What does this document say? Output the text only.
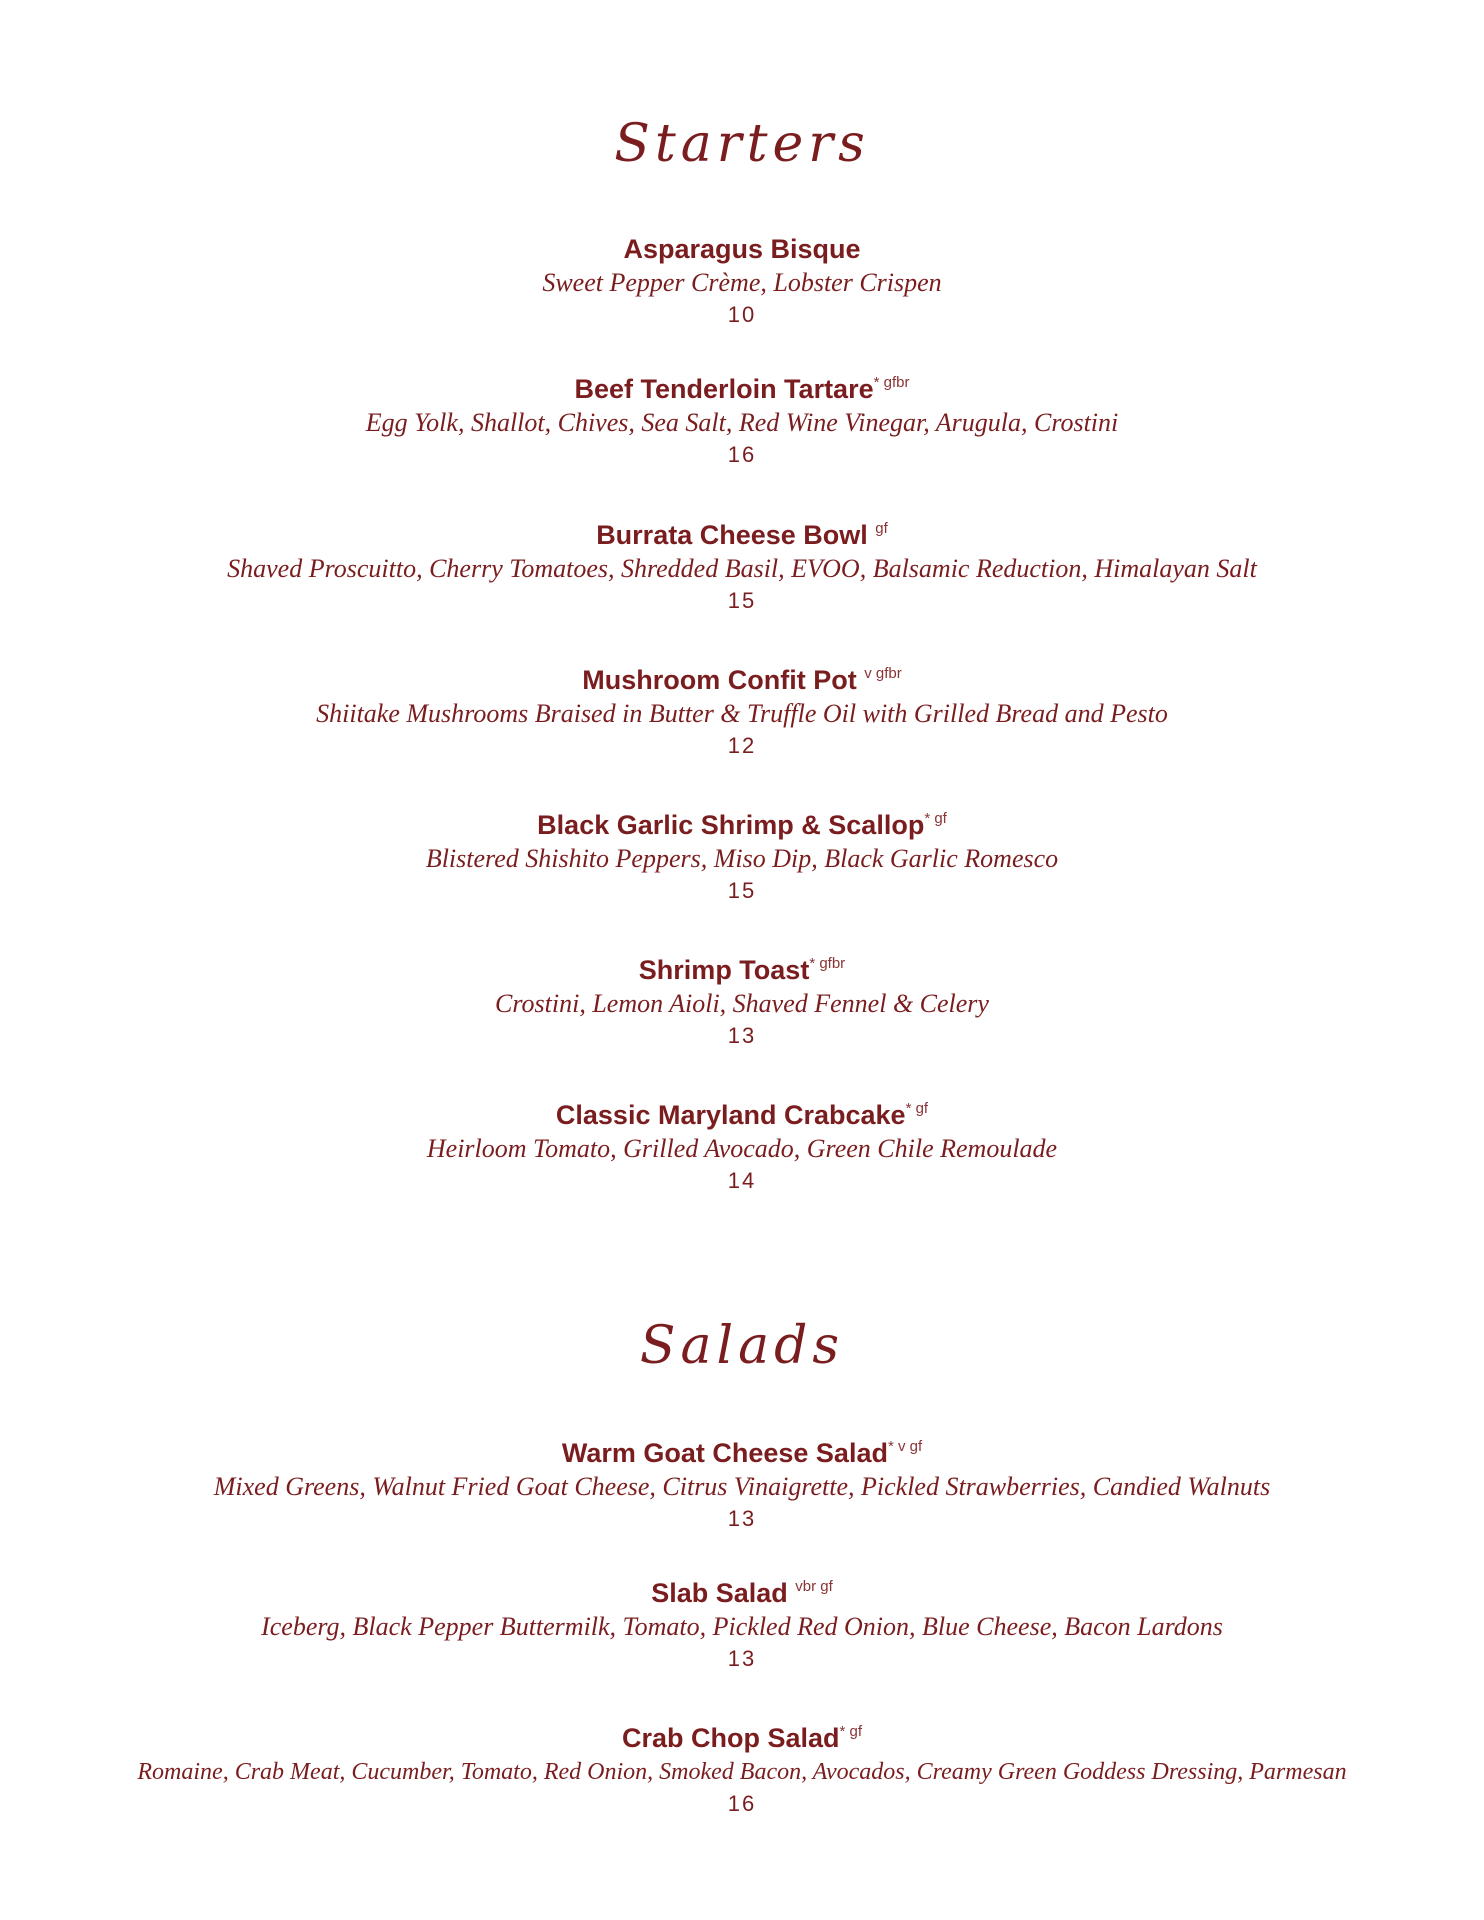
Starters
Asparagus Bisque
Sweet Pepper Crème, Lobster Crispen
10
Beef Tenderloin Tartare$^{* gfbr}$
Egg Yolk, Shallot, Chives, Sea Salt, Red Wine Vinegar, Arugula, Crostini
16
Burrata Cheese Bowl $^{gf}$
Shaved Proscuitto, Cherry Tomatoes, Shredded Basil, EVOO, Balsamic Reduction, Himalayan Salt
15
Mushroom Confit Pot $^{v gfbr}$
Shiitake Mushrooms Braised in Butter & Truffle Oil with Grilled Bread and Pesto
12
Black Garlic Shrimp & Scallop$^{* gf}$
Blistered Shishito Peppers, Miso Dip, Black Garlic Romesco
15
Shrimp Toast$^{* gfbr}$
Crostini, Lemon Aioli, Shaved Fennel & Celery
13
Classic Maryland Crabcake$^{* gf}$
Heirloom Tomato, Grilled Avocado, Green Chile Remoulade
14
Salads
Warm Goat Cheese Salad$^{* v gf}$
Mixed Greens, Walnut Fried Goat Cheese, Citrus Vinaigrette, Pickled Strawberries, Candied Walnuts
13
Slab Salad $^{vbr gf}$
Iceberg, Black Pepper Buttermilk, Tomato, Pickled Red Onion, Blue Cheese, Bacon Lardons
13
Crab Chop Salad$^{* gf}$
Romaine, Crab Meat, Cucumber, Tomato, Red Onion, Smoked Bacon, Avocados, Creamy Green Goddess Dressing, Parmesan
16
